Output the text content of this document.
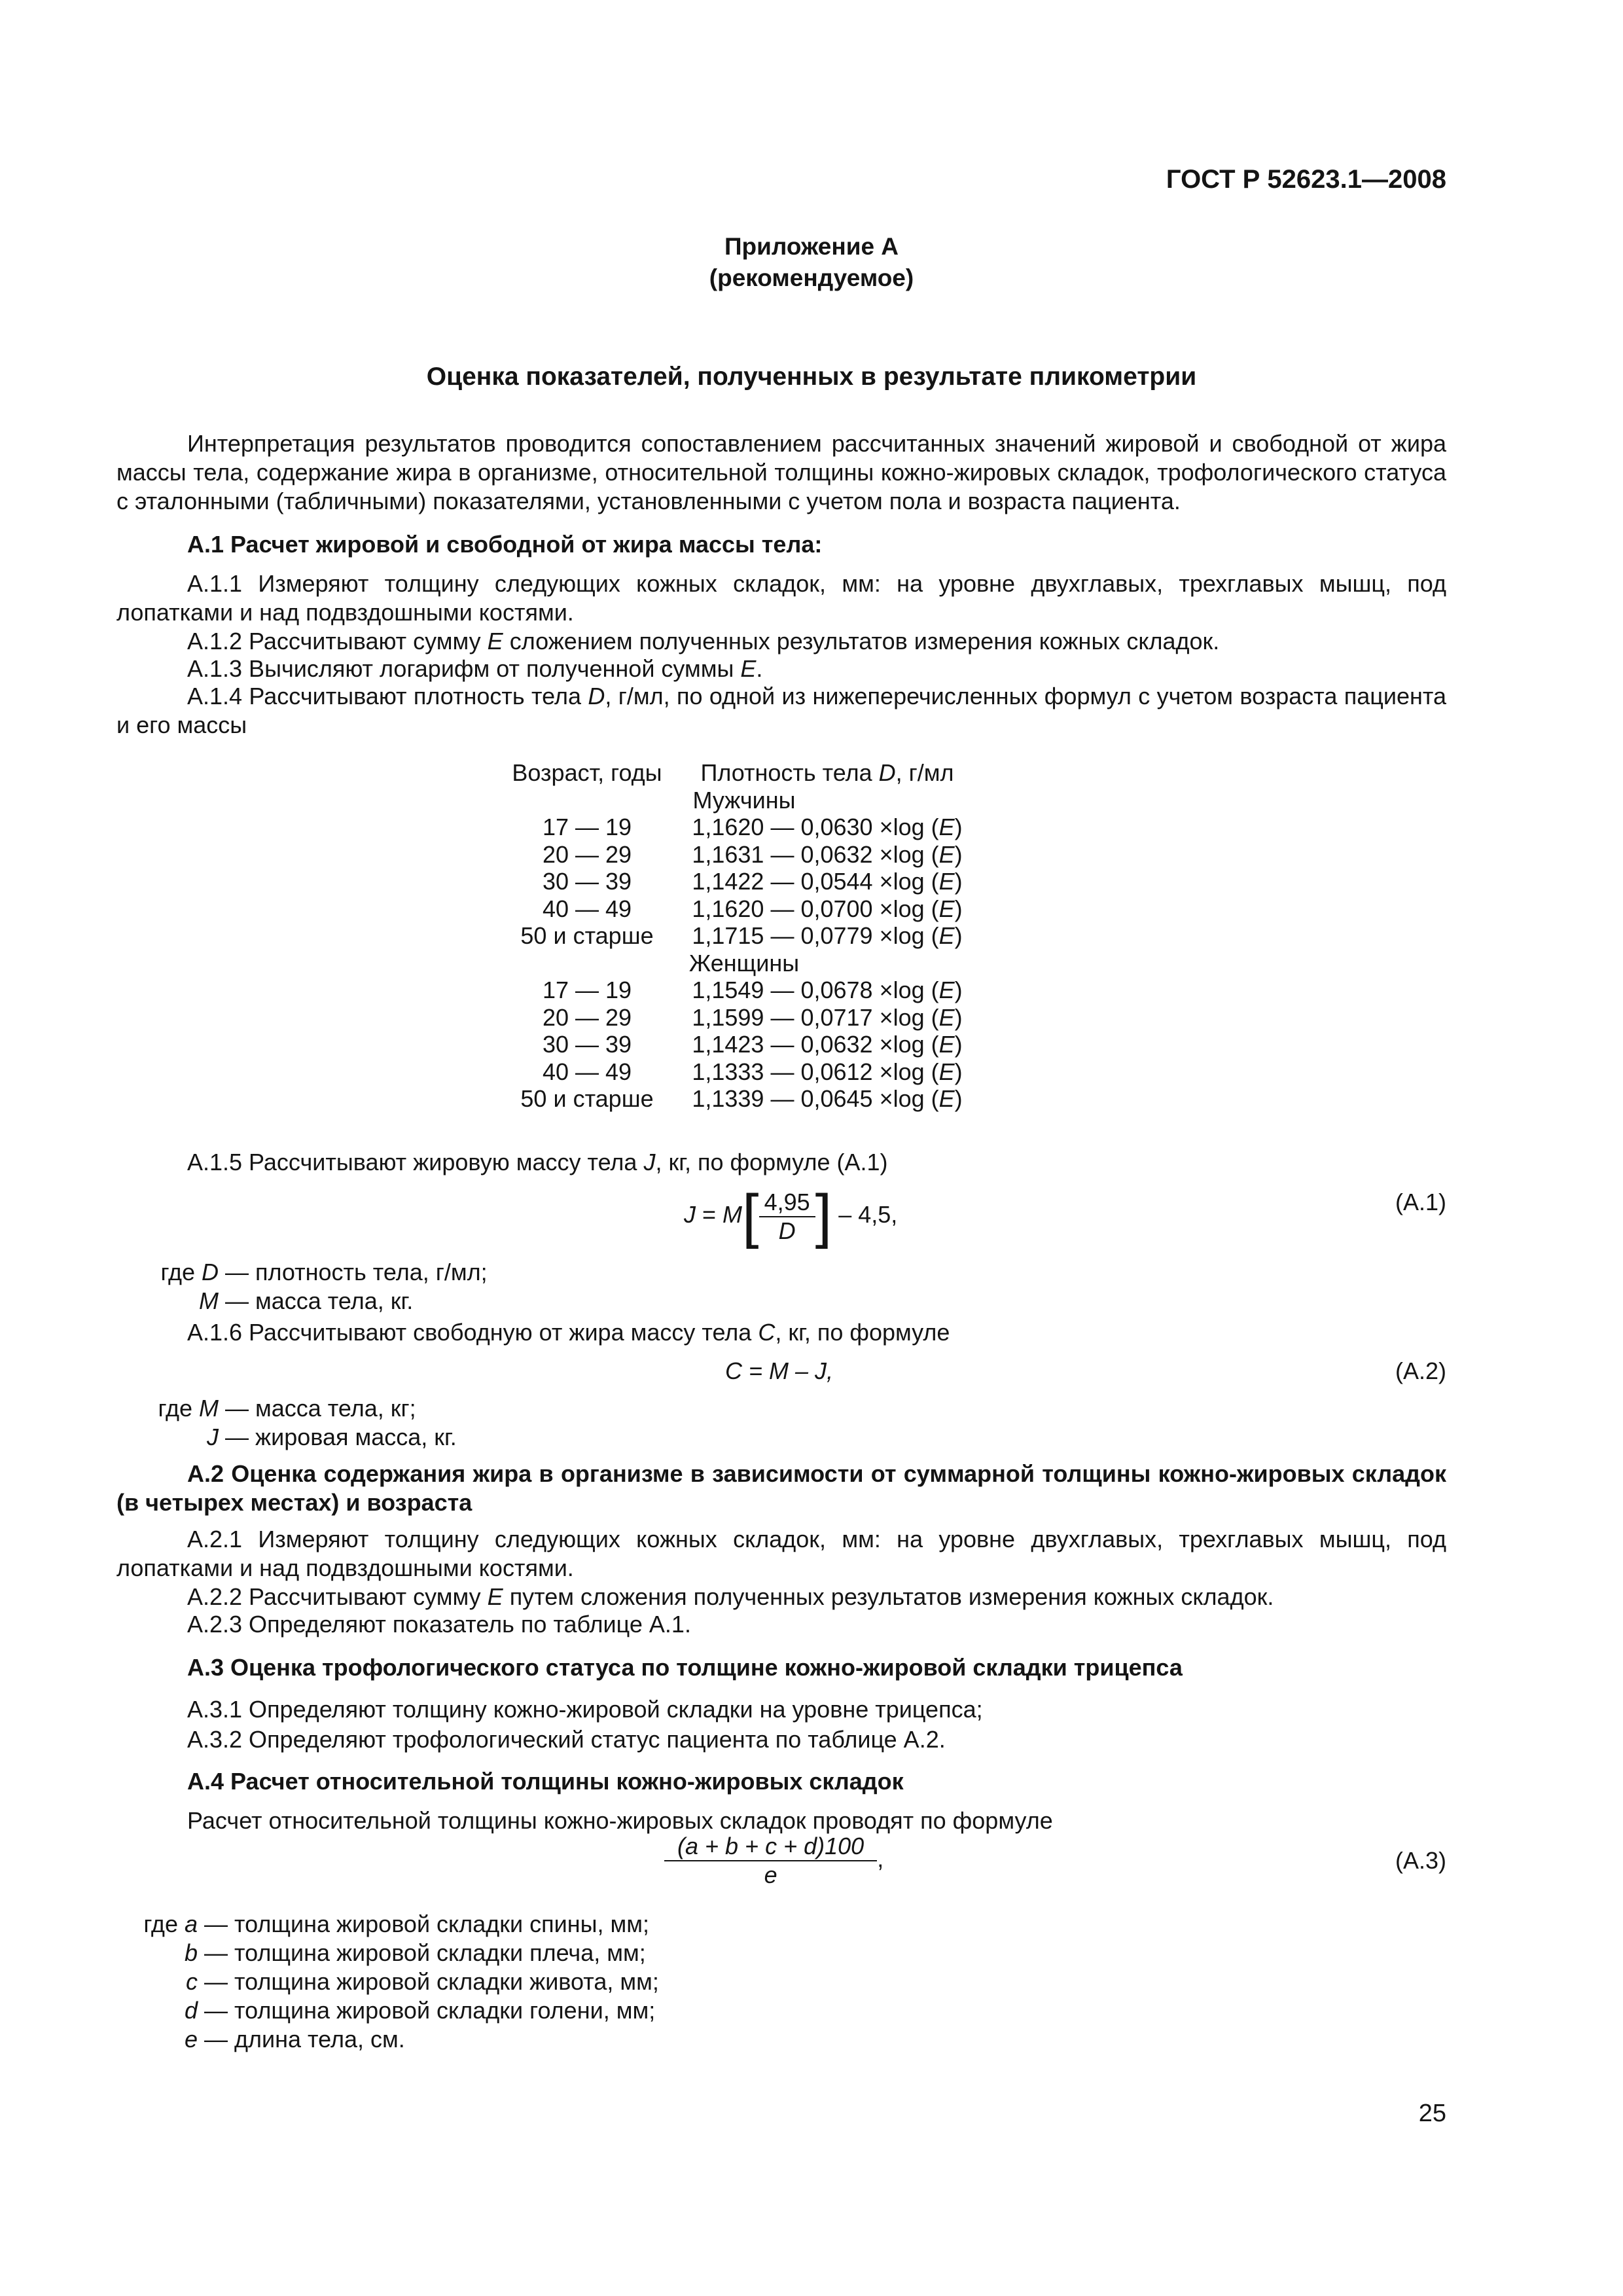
ГОСТ Р 52623.1—2008
Приложение А
(рекомендуемое)
Оценка показателей, полученных в результате пликометрии
Интерпретация результатов проводится сопоставлением рассчитанных значений жировой и свободной от жира массы тела, содержание жира в организме, относительной толщины кожно-жировых складок, трофологического статуса с эталонными (табличными) показателями, установленными с учетом пола и возраста пациента.
А.1 Расчет жировой и свободной от жира массы тела:
А.1.1 Измеряют толщину следующих кожных складок, мм: на уровне двухглавых, трехглавых мышц, под лопатками и над подвздошными костями.
А.1.2 Рассчитывают сумму E сложением полученных результатов измерения кожных складок.
А.1.3 Вычисляют логарифм от полученной суммы E.
А.1.4 Рассчитывают плотность тела D, г/мл, по одной из нижеперечисленных формул с учетом возраста пациента и его массы
Возраст, годы	Плотность тела D, г/мл
Мужчины	
17 — 19	1,1620 — 0,0630 ×log (E)
20 — 29	1,1631 — 0,0632 ×log (E)
30 — 39	1,1422 — 0,0544 ×log (E)
40 — 49	1,1620 — 0,0700 ×log (E)
50 и старше	1,1715 — 0,0779 ×log (E)
Женщины	
17 — 19	1,1549 — 0,0678 ×log (E)
20 — 29	1,1599 — 0,0717 ×log (E)
30 — 39	1,1423 — 0,0632 ×log (E)
40 — 49	1,1333 — 0,0612 ×log (E)
50 и старше	1,1339 — 0,0645 ×log (E)
А.1.5 Рассчитывают жировую массу тела J, кг, по формуле (А.1)
$J = M[ \frac{4,95}{D}$ ] – 4,5,	(А.1)
где D — плотность тела, г/мл;
M — масса тела, кг.
А.1.6 Рассчитывают свободную от жира массу тела C, кг, по формуле
C = M – J,	(А.2)
где M — масса тела, кг;
J — жировая масса, кг.
А.2 Оценка содержания жира в организме в зависимости от суммарной толщины кожно-жировых складок (в четырех местах) и возраста
А.2.1 Измеряют толщину следующих кожных складок, мм: на уровне двухглавых, трехглавых мышц, под лопатками и над подвздошными костями.
А.2.2 Рассчитывают сумму E путем сложения полученных результатов измерения кожных складок.
А.2.3 Определяют показатель по таблице А.1.
А.3 Оценка трофологического статуса по толщине кожно-жировой складки трицепса
А.3.1 Определяют толщину кожно-жировой складки на уровне трицепса;
А.3.2 Определяют трофологический статус пациента по таблице А.2.
А.4 Расчет относительной толщины кожно-жировых складок
Расчет относительной толщины кожно-жировых складок проводят по формуле
$\frac{(a + b + c + d)100}{e}$ ,	(А.3)
где a — толщина жировой складки спины, мм;
b — толщина жировой складки плеча, мм;
c — толщина жировой складки живота, мм;
d — толщина жировой складки голени, мм;
e — длина тела, см.
25
